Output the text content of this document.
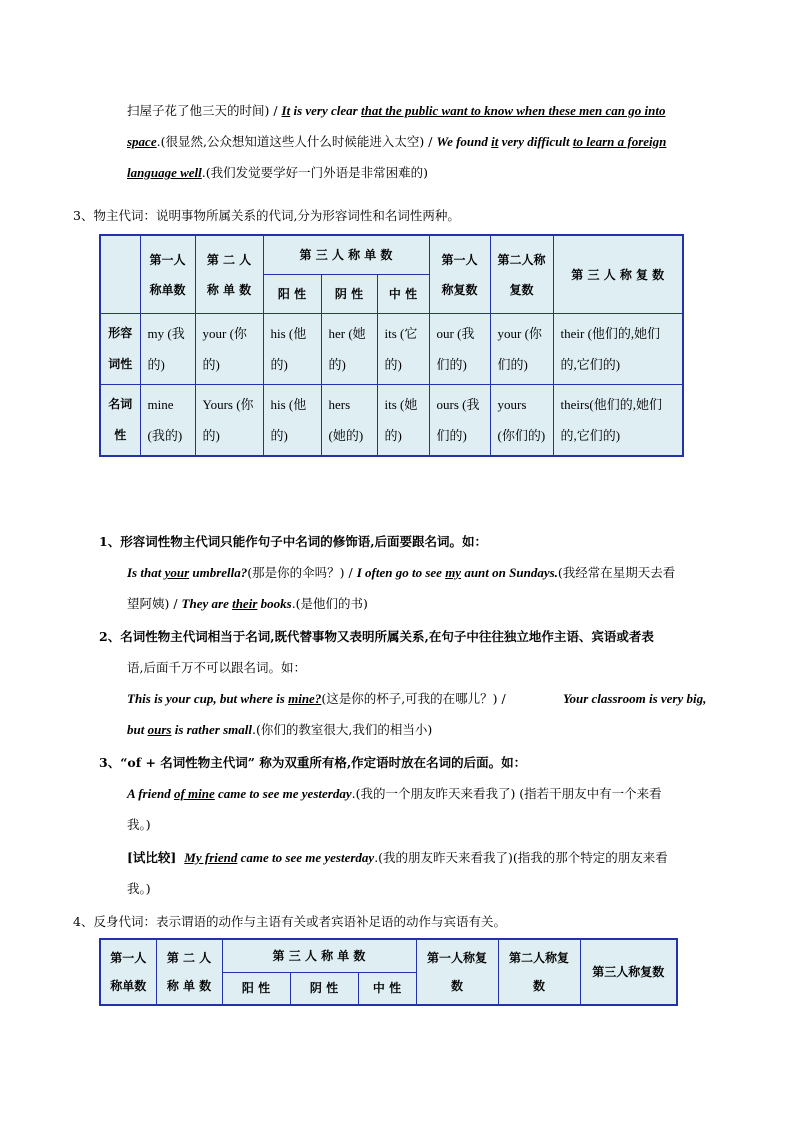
扫屋子花了他三天的时间) / It is very clear that the public want to know when these men can go into
space.(很显然,公众想知道这些人什么时候能进入太空) / We found it very difficult to learn a foreign
language well.(我们发觉要学好一门外语是非常困难的)
3、物主代词：说明事物所属关系的代词,分为形容词性和名词性两种。
	第一人称单数	第 二 人 称 单 数	第 三 人 称 单 数			第一人称复数	第二人称复数	第 三 人 称 复 数
			阳 性	阴 性	中 性			
形容词性	my (我的)	your (你的)	his (他的)	her (她的)	its (它的)	our (我们的)	your (你们的)	their (他们的,她们的,它们的)
名词性	mine (我的)	Yours (你的)	his (他的)	hers (她的)	its (她的)	ours (我们的)	yours (你们的)	theirs(他们的,她们的,它们的)
1、形容词性物主代词只能作句子中名词的修饰语,后面要跟名词。如：
Is that your umbrella?(那是你的伞吗？) / I often go to see my aunt on Sundays.(我经常在星期天去看
望阿姨) / They are their books.(是他们的书)
2、名词性物主代词相当于名词,既代替事物又表明所属关系,在句子中往往独立地作主语、宾语或者表
语,后面千万不可以跟名词。如：
This is your cup, but where is mine?(这是你的杯子,可我的在哪儿？) /	Your classroom is very big,
but ours is rather small.(你们的教室很大,我们的相当小)
3、“of + 名词性物主代词” 称为双重所有格,作定语时放在名词的后面。如：
A friend of mine came to see me yesterday.(我的一个朋友昨天来看我了) (指若干朋友中有一个来看
我。)
[试比较] My friend came to see me yesterday.(我的朋友昨天来看我了)(指我的那个特定的朋友来看
我。)
4、反身代词：表示谓语的动作与主语有关或者宾语补足语的动作与宾语有关。
第一人称单数	第 二 人 称 单 数	第 三 人 称 单 数			第一人称复数	第二人称复数	第三人称复数
		阳 性	阴 性	中 性			
